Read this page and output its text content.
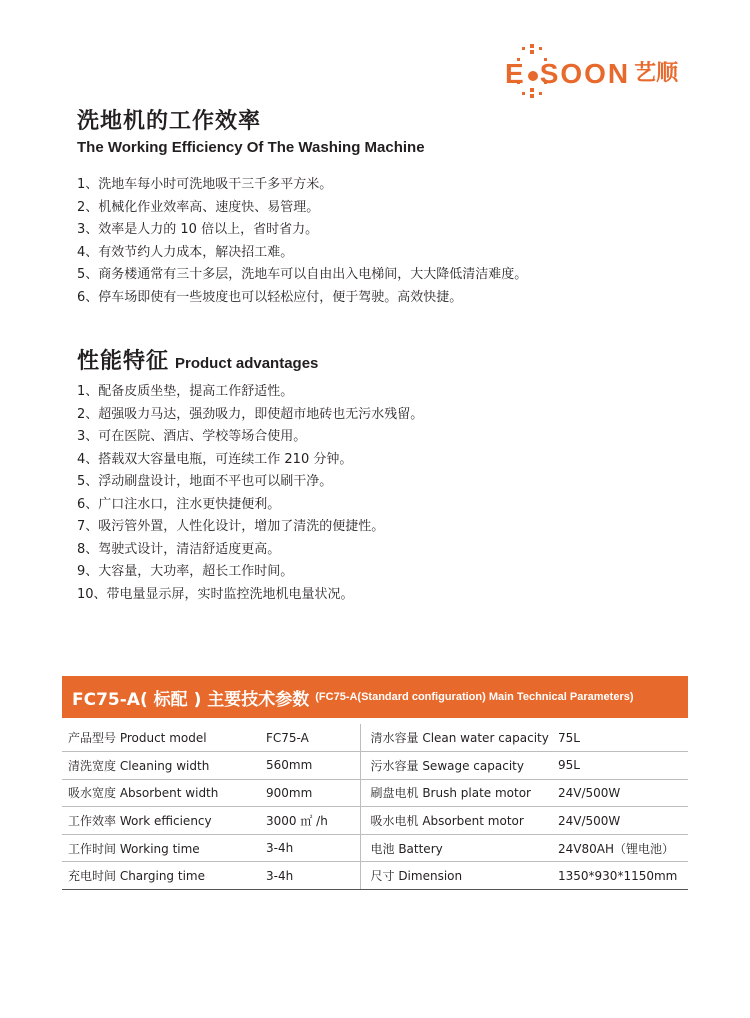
E SOON 艺顺
洗地机的工作效率
The Working Efficiency Of The Washing Machine
1、洗地车每小时可洗地吸干三千多平方米。
2、机械化作业效率高、速度快、易管理。
3、效率是人力的 10 倍以上，省时省力。
4、有效节约人力成本，解决招工难。
5、商务楼通常有三十多层，洗地车可以自由出入电梯间，大大降低清洁难度。
6、停车场即使有一些坡度也可以轻松应付，便于驾驶。高效快捷。
性能特征 Product advantages
1、配备皮质坐垫，提高工作舒适性。
2、超强吸力马达，强劲吸力，即使超市地砖也无污水残留。
3、可在医院、酒店、学校等场合使用。
4、搭载双大容量电瓶，可连续工作 210 分钟。
5、浮动刷盘设计，地面不平也可以刷干净。
6、广口注水口，注水更快捷便利。
7、吸污管外置，人性化设计，增加了清洗的便捷性。
8、驾驶式设计，清洁舒适度更高。
9、大容量，大功率，超长工作时间。
10、带电量显示屏，实时监控洗地机电量状况。
FC75-A( 标配 ) 主要技术参数 (FC75-A(Standard configuration) Main Technical Parameters)
产品型号 Product model	FC75-A	清水容量 Clean water capacity	75L
清洗宽度 Cleaning width	560mm	污水容量 Sewage capacity	95L
吸水宽度 Absorbent width	900mm	刷盘电机 Brush plate motor	24V/500W
工作效率 Work efficiency	3000 ㎡ /h	吸水电机 Absorbent motor	24V/500W
工作时间 Working time	3-4h	电池 Battery	24V80AH（锂电池）
充电时间 Charging time	3-4h	尺寸 Dimension	1350*930*1150mm
